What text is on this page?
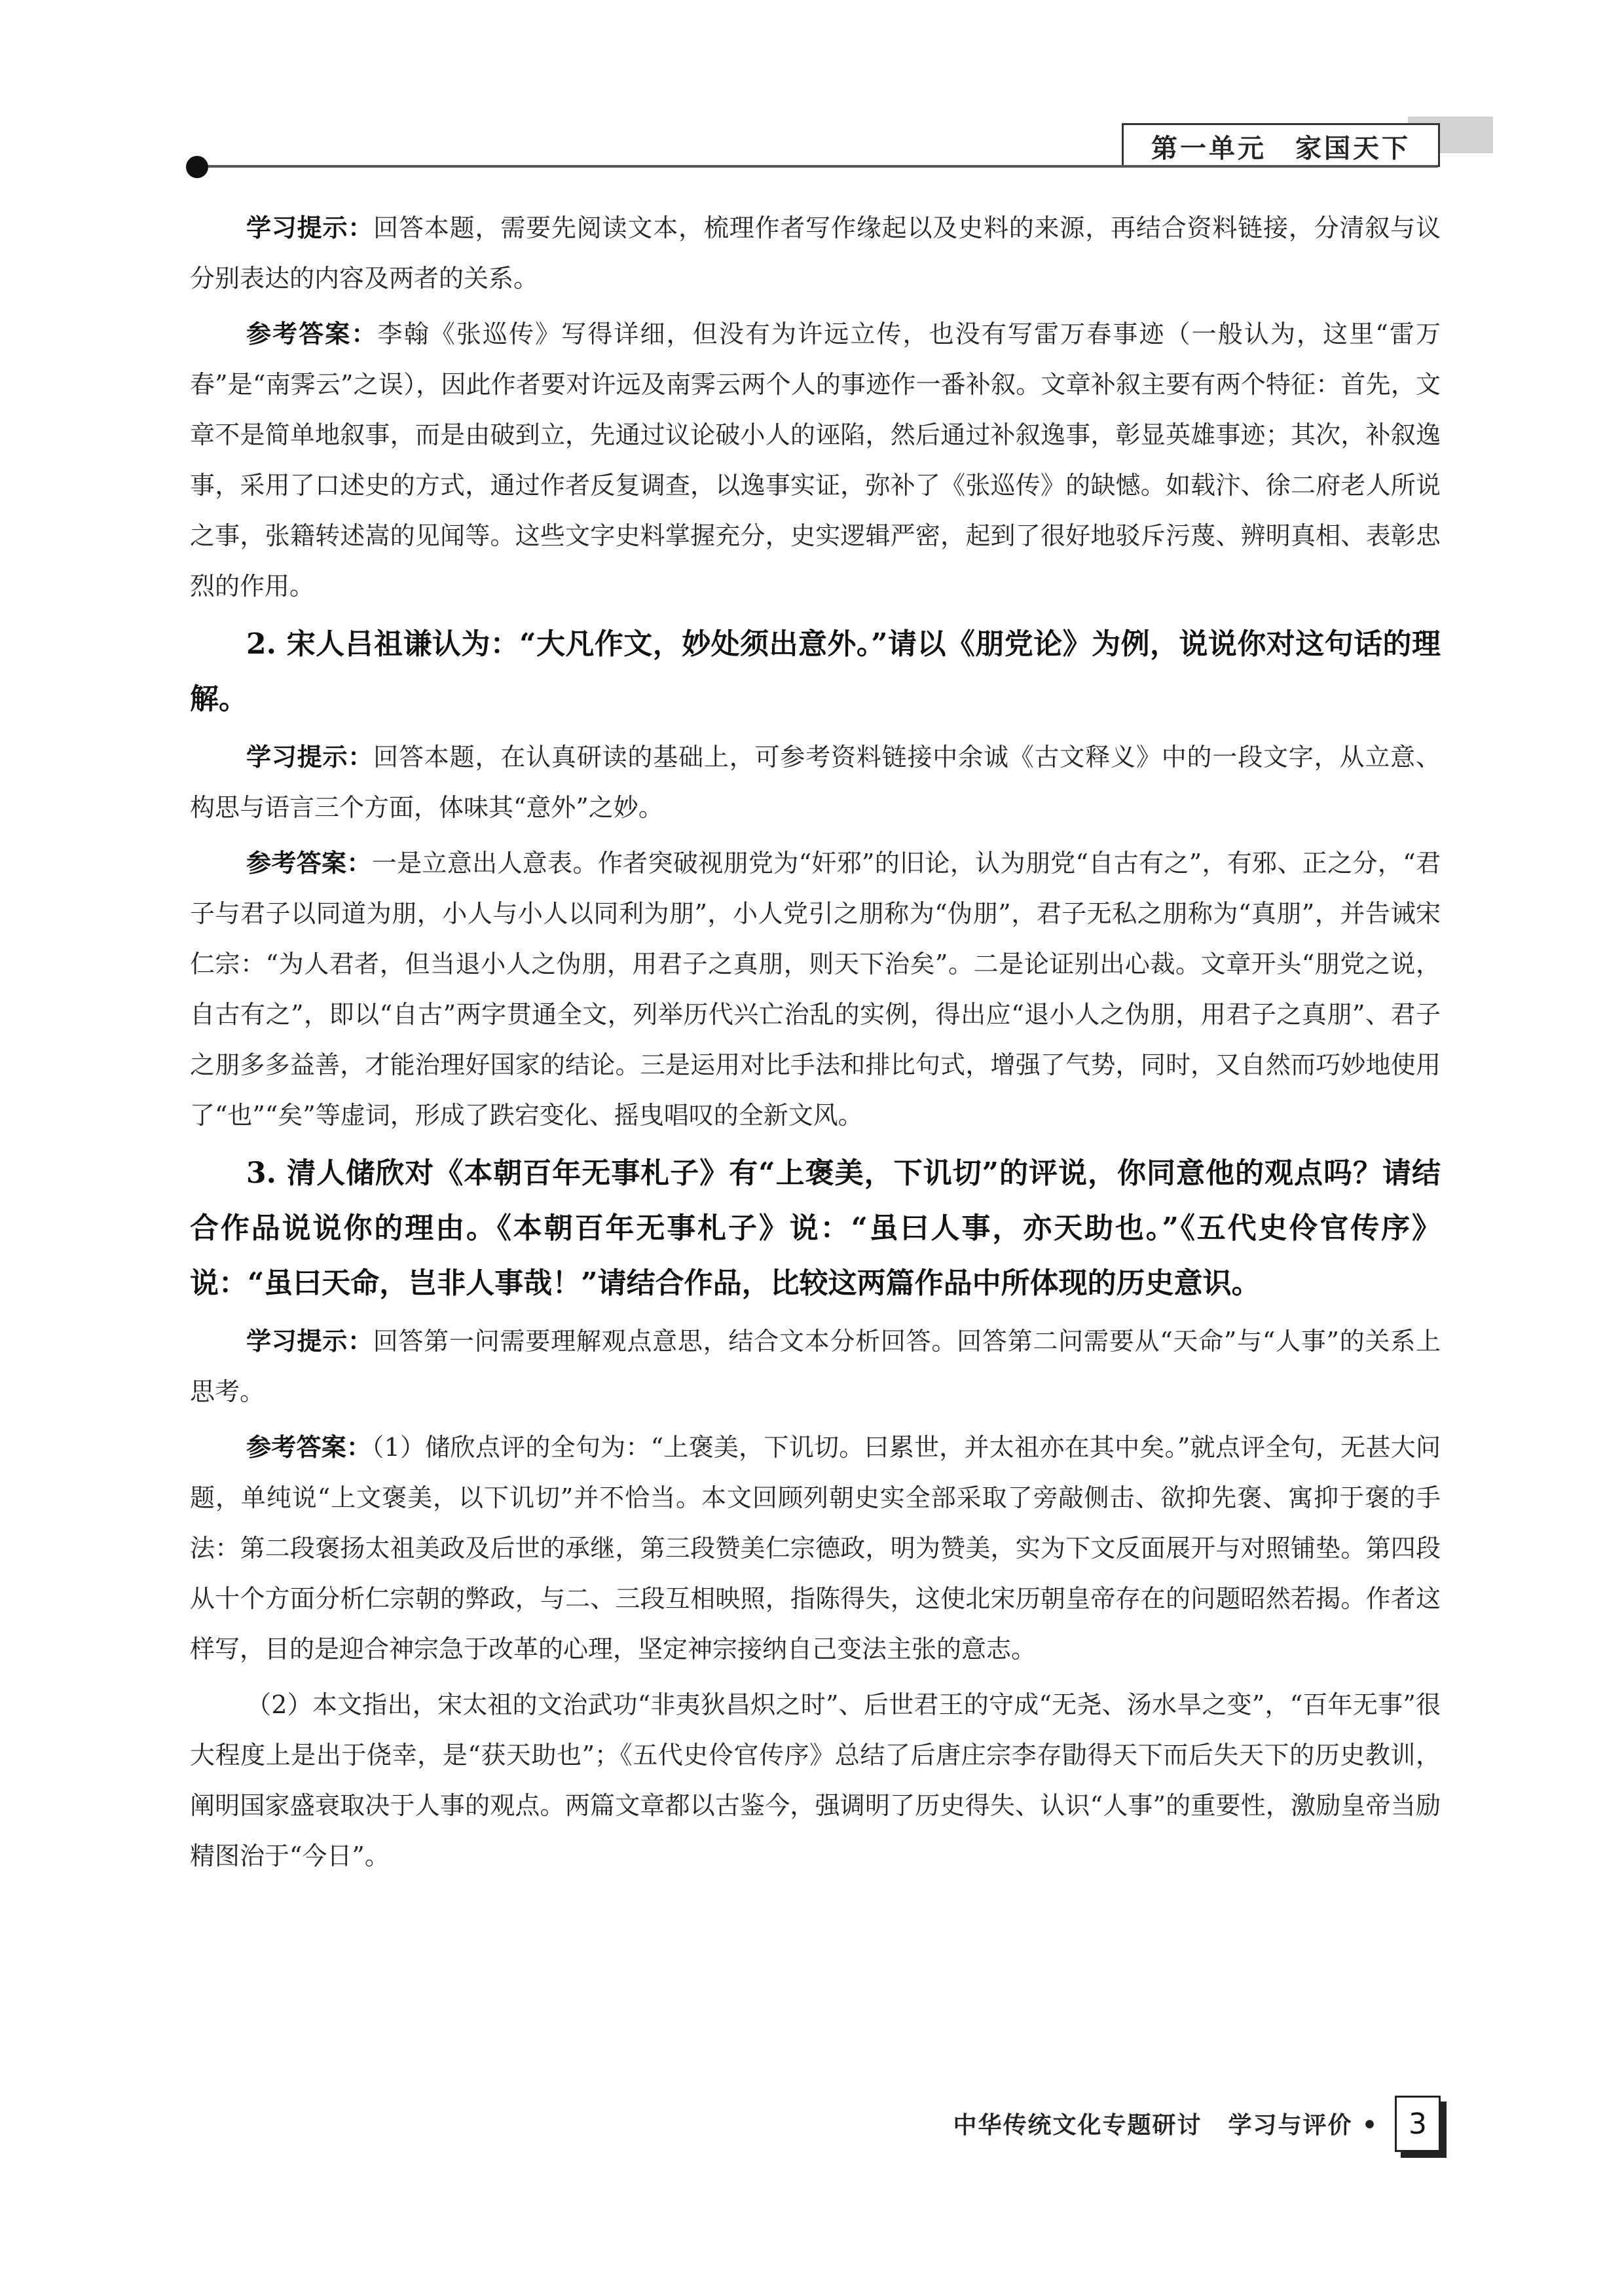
第一单元　家国天下

学习提示：回答本题，需要先阅读文本，梳理作者写作缘起以及史料的来源，再结合资料链接，分清叙与议分别表达的内容及两者的关系。

参考答案：李翰《张巡传》写得详细，但没有为许远立传，也没有写雷万春事迹（一般认为，这里“雷万春”是“南霁云”之误），因此作者要对许远及南霁云两个人的事迹作一番补叙。文章补叙主要有两个特征：首先，文章不是简单地叙事，而是由破到立，先通过议论破小人的诬陷，然后通过补叙逸事，彰显英雄事迹；其次，补叙逸事，采用了口述史的方式，通过作者反复调查，以逸事实证，弥补了《张巡传》的缺憾。如载汴、徐二府老人所说之事，张籍转述嵩的见闻等。这些文字史料掌握充分，史实逻辑严密，起到了很好地驳斥污蔑、辨明真相、表彰忠烈的作用。

2. 宋人吕祖谦认为：“大凡作文，妙处须出意外。”请以《朋党论》为例，说说你对这句话的理解。

学习提示：回答本题，在认真研读的基础上，可参考资料链接中余诚《古文释义》中的一段文字，从立意、构思与语言三个方面，体味其“意外”之妙。

参考答案：一是立意出人意表。作者突破视朋党为“奸邪”的旧论，认为朋党“自古有之”，有邪、正之分，“君子与君子以同道为朋，小人与小人以同利为朋”，小人党引之朋称为“伪朋”，君子无私之朋称为“真朋”，并告诫宋仁宗：“为人君者，但当退小人之伪朋，用君子之真朋，则天下治矣”。二是论证别出心裁。文章开头“朋党之说，自古有之”，即以“自古”两字贯通全文，列举历代兴亡治乱的实例，得出应“退小人之伪朋，用君子之真朋”、君子之朋多多益善，才能治理好国家的结论。三是运用对比手法和排比句式，增强了气势，同时，又自然而巧妙地使用了“也”“矣”等虚词，形成了跌宕变化、摇曳唱叹的全新文风。

3. 清人储欣对《本朝百年无事札子》有“上褒美，下讥切”的评说，你同意他的观点吗？请结合作品说说你的理由。《本朝百年无事札子》说：“虽曰人事，亦天助也。”《五代史伶官传序》说：“虽曰天命，岂非人事哉！”请结合作品，比较这两篇作品中所体现的历史意识。

学习提示：回答第一问需要理解观点意思，结合文本分析回答。回答第二问需要从“天命”与“人事”的关系上思考。

参考答案：（1）储欣点评的全句为：“上褒美，下讥切。曰累世，并太祖亦在其中矣。”就点评全句，无甚大问题，单纯说“上文褒美，以下讥切”并不恰当。本文回顾列朝史实全部采取了旁敲侧击、欲抑先褒、寓抑于褒的手法：第二段褒扬太祖美政及后世的承继，第三段赞美仁宗德政，明为赞美，实为下文反面展开与对照铺垫。第四段从十个方面分析仁宗朝的弊政，与二、三段互相映照，指陈得失，这使北宋历朝皇帝存在的问题昭然若揭。作者这样写，目的是迎合神宗急于改革的心理，坚定神宗接纳自己变法主张的意志。

（2）本文指出，宋太祖的文治武功“非夷狄昌炽之时”、后世君王的守成“无尧、汤水旱之变”，“百年无事”很大程度上是出于侥幸，是“获天助也”；《五代史伶官传序》总结了后唐庄宗李存勖得天下而后失天下的历史教训，阐明国家盛衰取决于人事的观点。两篇文章都以古鉴今，强调明了历史得失、认识“人事”的重要性，激励皇帝当励精图治于“今日”。

中华传统文化专题研讨 学习与评价 •	3
